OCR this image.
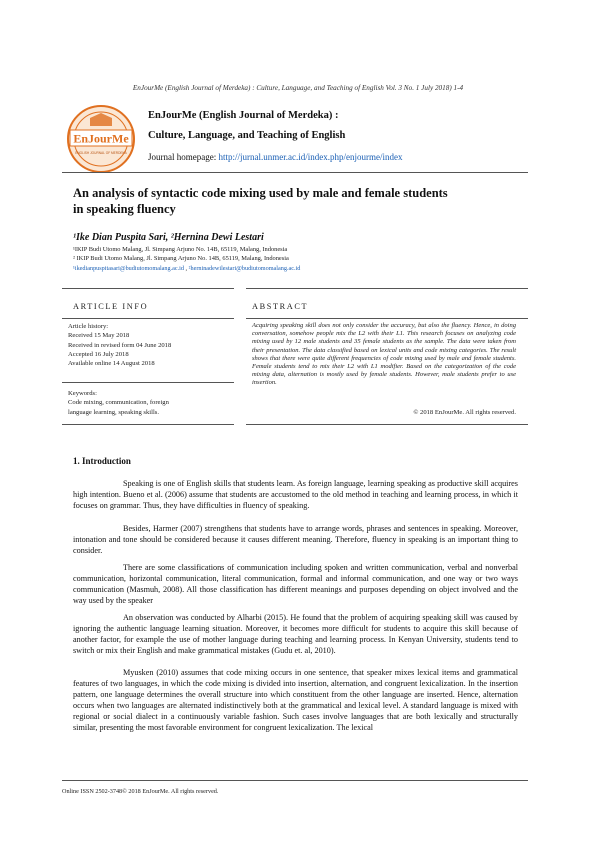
EnJourMe (English Journal of Merdeka) : Culture, Language, and Teaching of English Vol. 3 No. 1 July 2018) 1-4
EnJourMe
ENGLISH JOURNAL OF MERDEKA
EnJourMe (English Journal of Merdeka) :
Culture, Language, and Teaching of English
Journal homepage: http://jurnal.unmer.ac.id/index.php/enjourme/index
An analysis of syntactic code mixing used by male and female students
in speaking fluency
¹Ike Dian Puspita Sari, ²Hernina Dewi Lestari
¹IKIP Budi Utomo Malang, Jl. Simpang Arjuno No. 14B, 65119, Malang, Indonesia
² IKIP Budi Utomo Malang, Jl. Simpang Arjuno No. 14B, 65119, Malang, Indonesia
¹ikedianpuspitasari@budiutomomalang.ac.id , ²herninadewilestari@budiutomomalang.ac.id
ARTICLE INFO	ABSTRACT
Article history:
Received 15 May 2018
Received in revised form 04 June 2018
Accepted 16 July 2018
Available online 14 August 2018
Keywords:
Code mixing, communication, foreign
language learning, speaking skills.
Acquiring speaking skill does not only consider the accuracy, but also the fluency. Hence, in doing conversation, somehow people mix the L2 with their L1. This research focuses on analyzing code mixing used by 12 male students and 35 female students as the sample. The data were taken from their presentation. The data classified based on lexical units and code mixing categories. The result shows that there were quite different frequencies of code mixing used by male and female students. Female students tend to mix their L2 with L1 modifier. Based on the categorization of the code mixing data, alternation is mostly used by female students. However, male students prefer to use insertion.
© 2018 EnJourMe. All rights reserved.
1. Introduction
Speaking is one of English skills that students learn. As foreign language, learning speaking as productive skill acquires high intention. Bueno et al. (2006) assume that students are accustomed to the old method in teaching and learning process, in which it focuses on grammar. Thus, they have difficulties in fluency of speaking.
Besides, Harmer (2007) strengthens that students have to arrange words, phrases and sentences in speaking. Moreover, intonation and tone should be considered because it causes different meaning. Therefore, fluency in speaking is an important thing to consider.
There are some classifications of communication including spoken and written communication, verbal and nonverbal communication, horizontal communication, literal communication, formal and informal communication, and one way or two ways communication (Masmuh, 2008). All those classification has different meanings and purposes depending on object involved and the way used by the speaker
An observation was conducted by Alharbi (2015). He found that the problem of acquiring speaking skill was caused by ignoring the authentic language learning situation. Moreover, it becomes more difficult for students to acquire this skill because of another factor, for example the use of mother language during teaching and learning process. In Kenyan University, students tend to switch or mix their English and make grammatical mistakes (Gudu et. al, 2010).
Myusken (2010) assumes that code mixing occurs in one sentence, that speaker mixes lexical items and grammatical features of two languages, in which the code mixing is divided into insertion, alternation, and congruent lexicalization. In the insertion pattern, one language determines the overall structure into which constituent from the other language are inserted. Hence, alternation occurs when two languages are alternated indistinctively both at the grammatical and lexical level. A standard language is mixed with regional or social dialect in a continuously variable fashion. Such cases involve languages that are both lexically and structurally similar, presenting the most favorable environment for congruent lexicalization. The lexical
Online ISSN 2502-3748© 2018 EnJourMe. All rights reserved.
